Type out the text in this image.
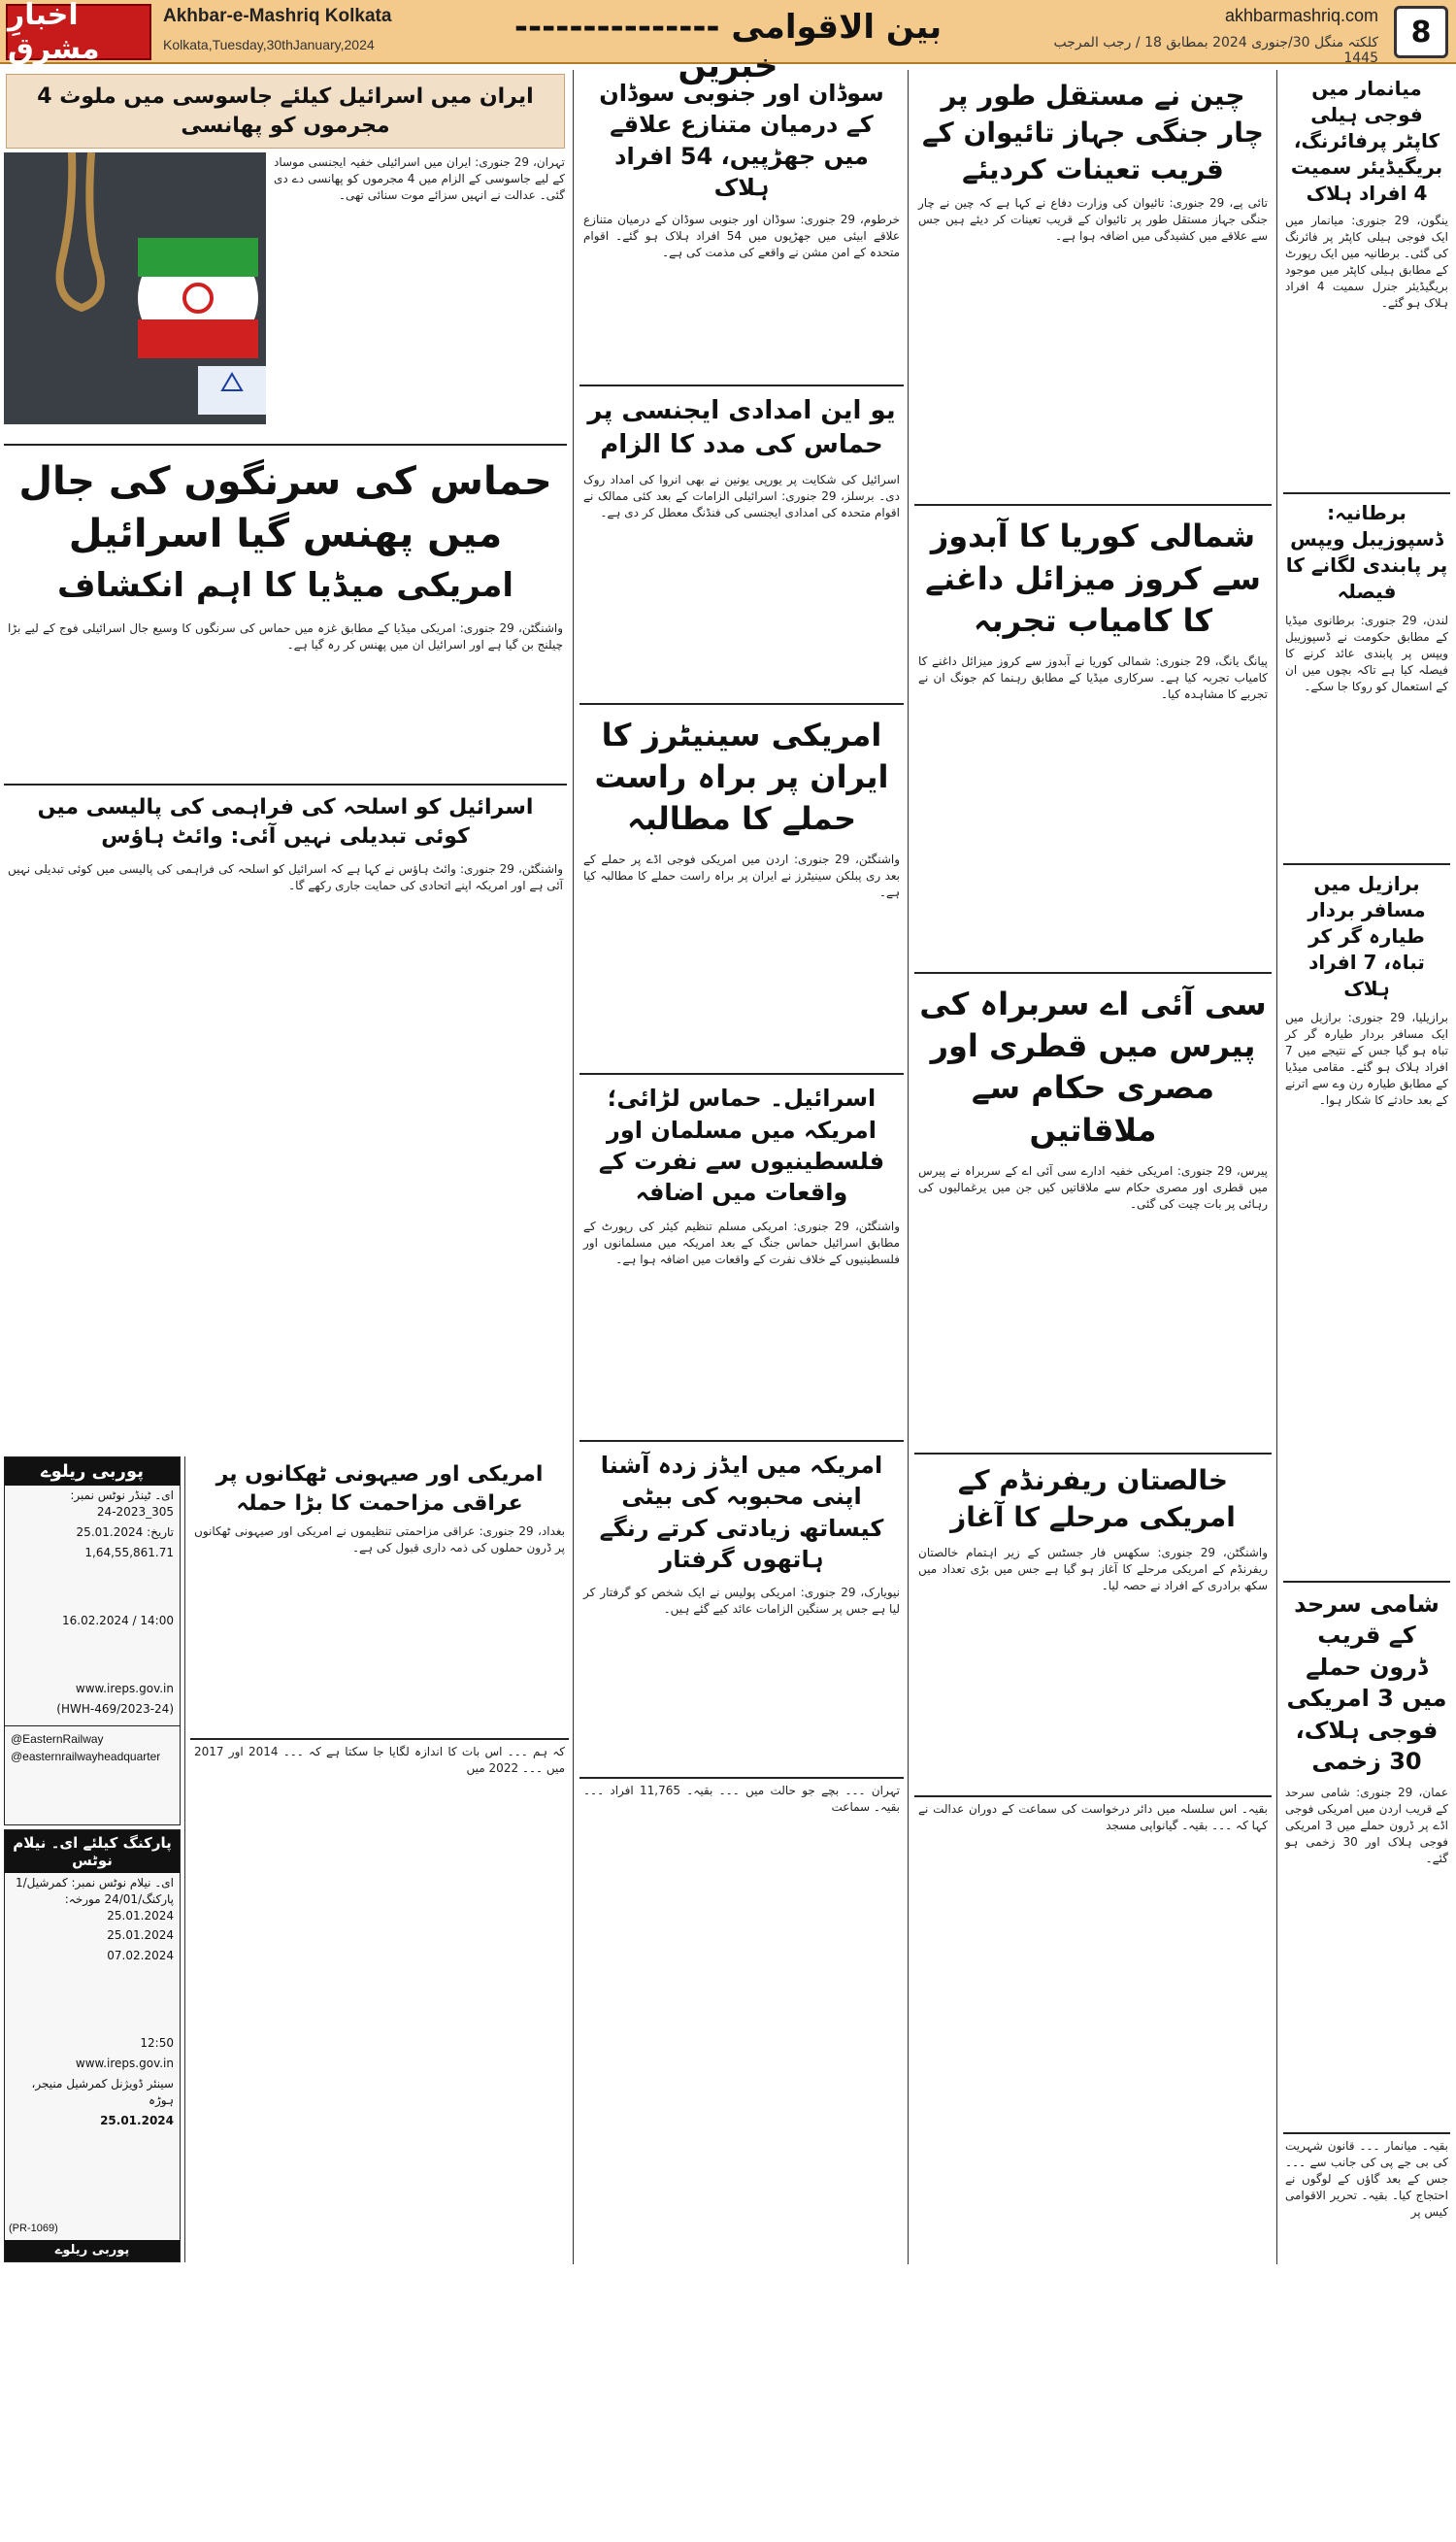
اخبارِ مشرق
Akhbar-e-Mashriq Kolkata
Kolkata,Tuesday,30thJanuary,2024	--------------- بین الاقوامی خبریں
akhbarmashriq.com
کلکتہ منگل 30/جنوری 2024 بمطابق 18 / رجب المرجب 1445
8
میانمار میں فوجی ہیلی کاپٹر پرفائرنگ، بریگیڈیئر سمیت 4 افراد ہلاک
ینگون، 29 جنوری: میانمار میں ایک فوجی ہیلی کاپٹر پر فائرنگ کی گئی۔ برطانیہ میں ایک رپورٹ کے مطابق ہیلی کاپٹر میں موجود بریگیڈیئر جنرل سمیت 4 افراد ہلاک ہو گئے۔
برطانیہ: ڈسپوزیبل ویپس پر پابندی لگانے کا فیصلہ
لندن، 29 جنوری: برطانوی میڈیا کے مطابق حکومت نے ڈسپوزیبل ویپس پر پابندی عائد کرنے کا فیصلہ کیا ہے تاکہ بچوں میں ان کے استعمال کو روکا جا سکے۔
برازیل میں مسافر بردار طیارہ گر کر تباہ، 7 افراد ہلاک
برازیلیا، 29 جنوری: برازیل میں ایک مسافر بردار طیارہ گر کر تباہ ہو گیا جس کے نتیجے میں 7 افراد ہلاک ہو گئے۔ مقامی میڈیا کے مطابق طیارہ رن وے سے اترنے کے بعد حادثے کا شکار ہوا۔
شامی سرحد کے قریب ڈرون حملے میں 3 امریکی فوجی ہلاک، 30 زخمی
عمان، 29 جنوری: شامی سرحد کے قریب اردن میں امریکی فوجی اڈے پر ڈرون حملے میں 3 امریکی فوجی ہلاک اور 30 زخمی ہو گئے۔
بقیہ۔ میانمار ۔۔۔ قانون شہریت کی بی جے پی کی جانب سے ۔۔۔ جس کے بعد گاؤں کے لوگوں نے احتجاج کیا۔ بقیہ۔ تحریر الاقوامی کیس پر
چین نے مستقل طور پر چار جنگی جہاز تائیوان کے قریب تعینات کردیئے
تائی پے، 29 جنوری: تائیوان کی وزارت دفاع نے کہا ہے کہ چین نے چار جنگی جہاز مستقل طور پر تائیوان کے قریب تعینات کر دیئے ہیں جس سے علاقے میں کشیدگی میں اضافہ ہوا ہے۔
شمالی کوریا کا آبدوز سے کروز میزائل داغنے کا کامیاب تجربہ
پیانگ یانگ، 29 جنوری: شمالی کوریا نے آبدوز سے کروز میزائل داغنے کا کامیاب تجربہ کیا ہے۔ سرکاری میڈیا کے مطابق رہنما کم جونگ ان نے تجربے کا مشاہدہ کیا۔
سی آئی اے سربراہ کی پیرس میں قطری اور مصری حکام سے ملاقاتیں
پیرس، 29 جنوری: امریکی خفیہ ادارے سی آئی اے کے سربراہ نے پیرس میں قطری اور مصری حکام سے ملاقاتیں کیں جن میں یرغمالیوں کی رہائی پر بات چیت کی گئی۔
خالصتان ریفرنڈم کے امریکی مرحلے کا آغاز
واشنگٹن، 29 جنوری: سکھس فار جسٹس کے زیر اہتمام خالصتان ریفرنڈم کے امریکی مرحلے کا آغاز ہو گیا ہے جس میں بڑی تعداد میں سکھ برادری کے افراد نے حصہ لیا۔
بقیہ۔ اس سلسلہ میں دائر درخواست کی سماعت کے دوران عدالت نے کہا کہ ۔۔۔ بقیہ۔ گیانواپی مسجد
سوڈان اور جنوبی سوڈان کے درمیان متنازع علاقے میں جھڑپیں، 54 افراد ہلاک
خرطوم، 29 جنوری: سوڈان اور جنوبی سوڈان کے درمیان متنازع علاقے ابیئی میں جھڑپوں میں 54 افراد ہلاک ہو گئے۔ اقوام متحدہ کے امن مشن نے واقعے کی مذمت کی ہے۔
یو این امدادی ایجنسی پر حماس کی مدد کا الزام
اسرائیل کی شکایت پر یورپی یونین نے بھی انروا کی امداد روک دی۔ برسلز، 29 جنوری: اسرائیلی الزامات کے بعد کئی ممالک نے اقوام متحدہ کی امدادی ایجنسی کی فنڈنگ معطل کر دی ہے۔
امریکی سینیٹرز کا ایران پر براہ راست حملے کا مطالبہ
واشنگٹن، 29 جنوری: اردن میں امریکی فوجی اڈے پر حملے کے بعد ری پبلکن سینیٹرز نے ایران پر براہ راست حملے کا مطالبہ کیا ہے۔
اسرائیل۔ حماس لڑائی؛ امریکہ میں مسلمان اور فلسطینیوں سے نفرت کے واقعات میں اضافہ
واشنگٹن، 29 جنوری: امریکی مسلم تنظیم کیئر کی رپورٹ کے مطابق اسرائیل حماس جنگ کے بعد امریکہ میں مسلمانوں اور فلسطینیوں کے خلاف نفرت کے واقعات میں اضافہ ہوا ہے۔
امریکہ میں ایڈز زدہ آشنا اپنی محبوبہ کی بیٹی کیساتھ زیادتی کرتے رنگے ہاتھوں گرفتار
نیویارک، 29 جنوری: امریکی پولیس نے ایک شخص کو گرفتار کر لیا ہے جس پر سنگین الزامات عائد کیے گئے ہیں۔
تہران ۔۔۔ بچے جو حالت میں ۔۔۔ بقیہ۔ 11,765 افراد ۔۔۔ بقیہ۔ سماعت
ایران میں اسرائیل کیلئے جاسوسی میں ملوث 4 مجرموں کو پھانسی
تہران، 29 جنوری: ایران میں اسرائیلی خفیہ ایجنسی موساد کے لیے جاسوسی کے الزام میں 4 مجرموں کو پھانسی دے دی گئی۔ عدالت نے انہیں سزائے موت سنائی تھی۔
حماس کی سرنگوں کی جال میں پھنس گیا اسرائیل
امریکی میڈیا کا اہم انکشاف
واشنگٹن، 29 جنوری: امریکی میڈیا کے مطابق غزہ میں حماس کی سرنگوں کا وسیع جال اسرائیلی فوج کے لیے بڑا چیلنج بن گیا ہے اور اسرائیل ان میں پھنس کر رہ گیا ہے۔
اسرائیل کو اسلحہ کی فراہمی کی پالیسی میں کوئی تبدیلی نہیں آئی: وائٹ ہاؤس
واشنگٹن، 29 جنوری: وائٹ ہاؤس نے کہا ہے کہ اسرائیل کو اسلحہ کی فراہمی کی پالیسی میں کوئی تبدیلی نہیں آئی ہے اور امریکہ اپنے اتحادی کی حمایت جاری رکھے گا۔
امریکی اور صیہونی ٹھکانوں پر عراقی مزاحمت کا بڑا حملہ
بغداد، 29 جنوری: عراقی مزاحمتی تنظیموں نے امریکی اور صیہونی ٹھکانوں پر ڈرون حملوں کی ذمہ داری قبول کی ہے۔
کہ ہم ۔۔۔ اس بات کا اندازہ لگایا جا سکتا ہے کہ ۔۔۔ 2014 اور 2017 میں ۔۔۔ 2022 میں
پوربی ریلوے
ای۔ ٹینڈر نوٹس نمبر: 305_2023-24
تاریخ: 25.01.2024
1,64,55,861.71
14:00 / 16.02.2024
www.ireps.gov.in
(HWH-469/2023-24)
@EasternRailway
@easternrailwayheadquarter
پارکنگ کیلئے ای۔ نیلام نوٹس
ای۔ نیلام نوٹس نمبر: کمرشیل/1 پارکنگ/24/01 مورخہ: 25.01.2024
25.01.2024
07.02.2024
12:50
www.ireps.gov.in
سینئر ڈویژنل کمرشیل منیجر، ہوڑہ
25.01.2024
(PR-1069)
پوربی ریلوے
